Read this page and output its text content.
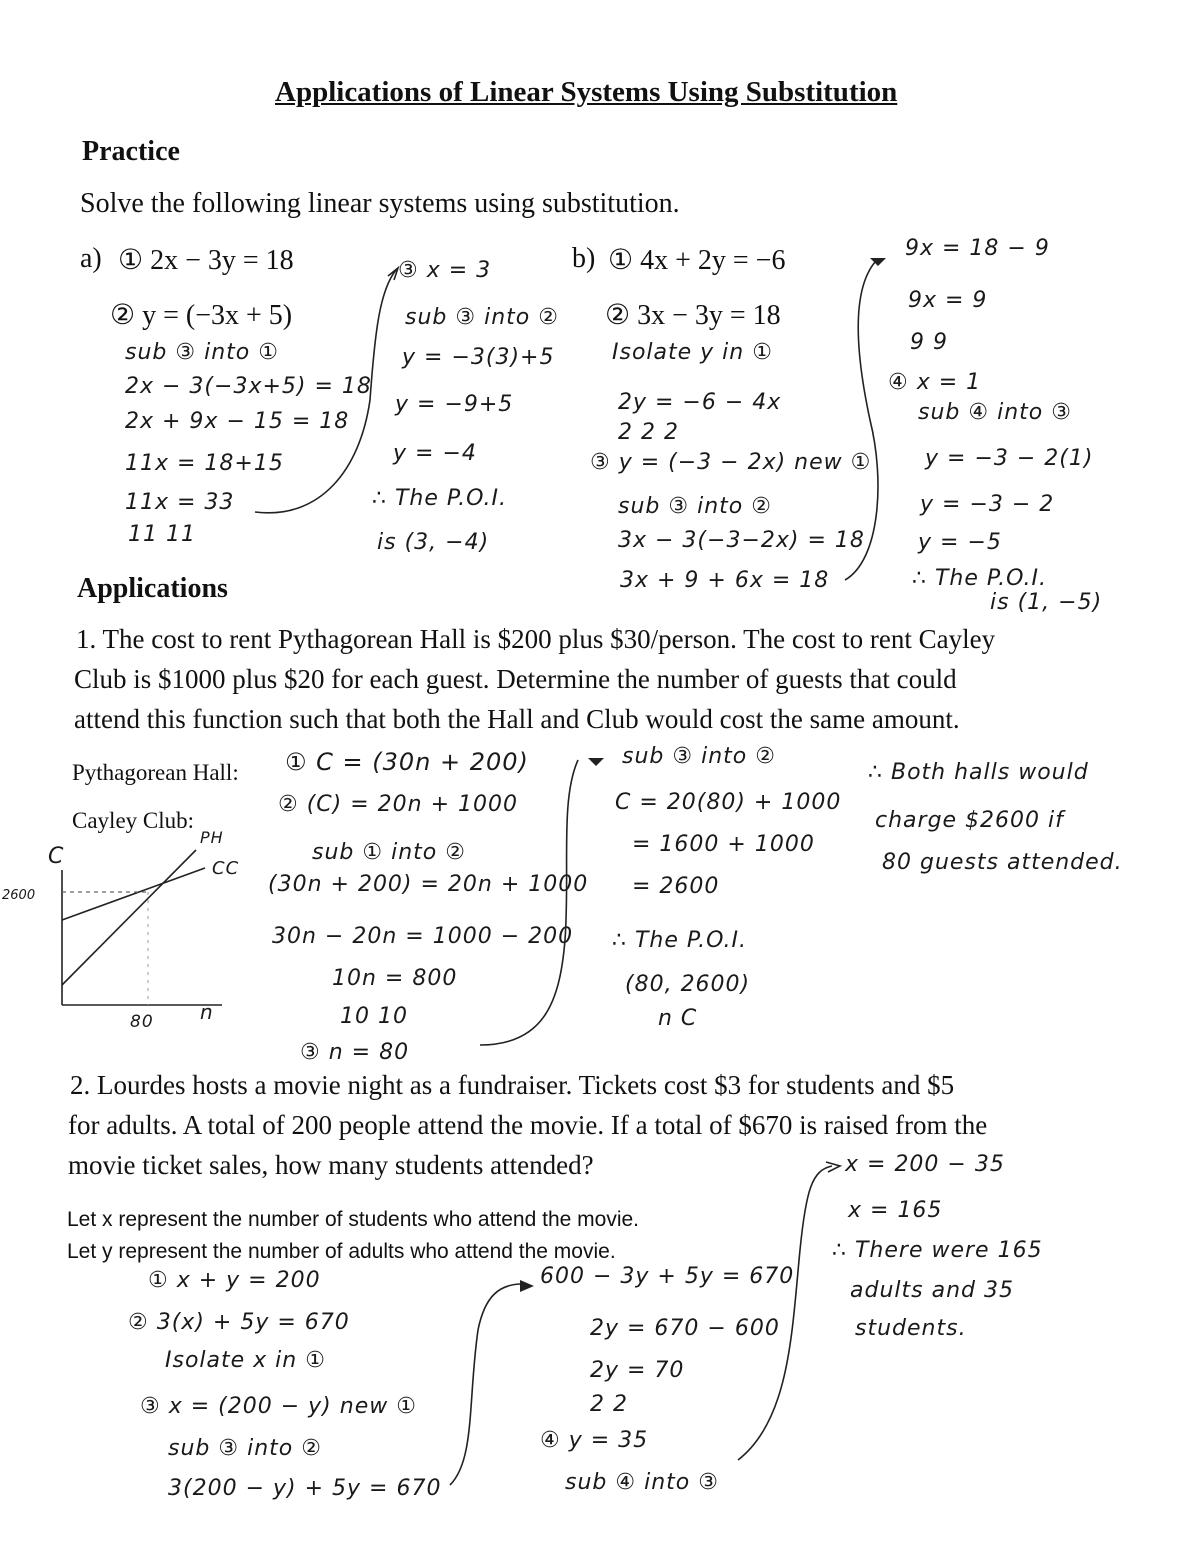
Applications of Linear Systems Using Substitution
Practice
Solve the following linear systems using substitution.
a) ① 2x − 3y = 18
② y = (−3x + 5)
sub ③ into ①
2x − 3(−3x+5) = 18
2x + 9x − 15 = 18
11x = 18+15
11x = 33
11 11
③ x = 3
sub ③ into ②
y = −3(3)+5
y = −9+5
y = −4
∴ The P.O.I.
is (3, −4)
b) ① 4x + 2y = −6
② 3x − 3y = 18
Isolate y in ①
2y = −6 − 4x
2 2 2
③ y = (−3 − 2x) new ①
sub ③ into ②
3x − 3(−3−2x) = 18
3x + 9 + 6x = 18
9x = 18 − 9
9x = 9
9 9
④ x = 1
sub ④ into ③
y = −3 − 2(1)
y = −3 − 2
y = −5
∴ The P.O.I.
is (1, −5)
Applications
1. The cost to rent Pythagorean Hall is $200 plus $30/person. The cost to rent Cayley
Club is $1000 plus $20 for each guest. Determine the number of guests that could
attend this function such that both the Hall and Club would cost the same amount.
Pythagorean Hall:
Cayley Club:
① C = (30n + 200)
② (C) = 20n + 1000
sub ① into ②
(30n + 200) = 20n + 1000
30n − 20n = 1000 − 200
10n = 800
10 10
③ n = 80
sub ③ into ②
C = 20(80) + 1000
= 1600 + 1000
= 2600
∴ The P.O.I.
(80, 2600)
n C
∴ Both halls would
charge $2600 if
80 guests attended.
C
n
2600
80
PH
CC
2. Lourdes hosts a movie night as a fundraiser. Tickets cost $3 for students and $5
for adults. A total of 200 people attend the movie. If a total of $670 is raised from the
movie ticket sales, how many students attended?
Let x represent the number of students who attend the movie.
Let y represent the number of adults who attend the movie.
① x + y = 200
② 3(x) + 5y = 670
Isolate x in ①
③ x = (200 − y) new ①
sub ③ into ②
3(200 − y) + 5y = 670
600 − 3y + 5y = 670
2y = 670 − 600
2y = 70
2 2
④ y = 35
sub ④ into ③
x = 200 − 35
x = 165
∴ There were 165
adults and 35
students.
